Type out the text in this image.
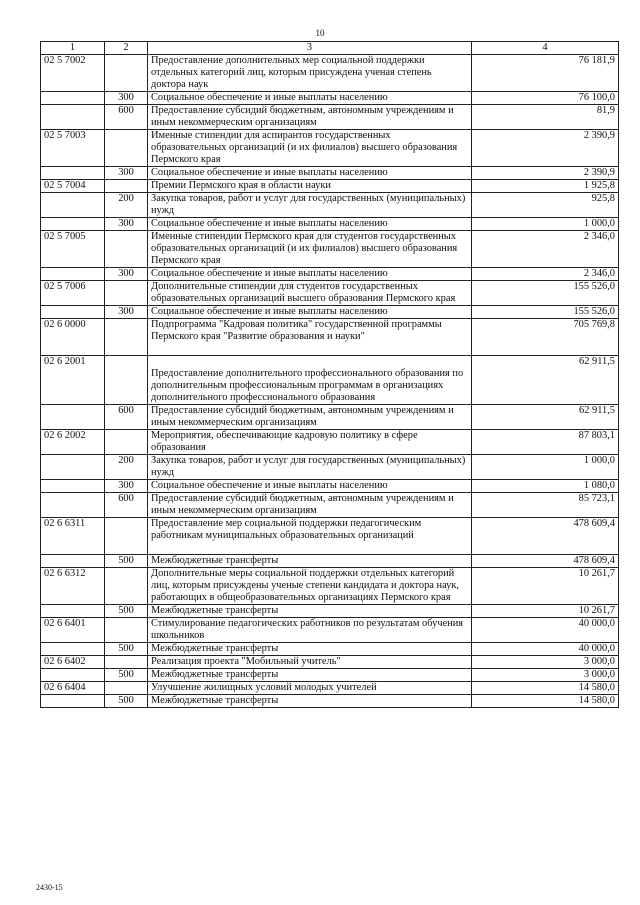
10
1	2	3	4
02 5 7002		Предоставление дополнительных мер социальной поддержки отдельных категорий лиц, которым присуждена ученая степень доктора наук	76 181,9
	300	Социальное обеспечение и иные выплаты населению	76 100,0
	600	Предоставление субсидий бюджетным, автономным учреждениям и иным некоммерческим организациям	81,9
02 5 7003		Именные стипендии для аспирантов государственных образовательных организаций (и их филиалов) высшего образования Пермского края	2 390,9
	300	Социальное обеспечение и иные выплаты населению	2 390,9
02 5 7004		Премии Пермского края в области науки	1 925,8
	200	Закупка товаров, работ и услуг для государственных (муниципальных) нужд	925,8
	300	Социальное обеспечение и иные выплаты населению	1 000,0
02 5 7005		Именные стипендии Пермского края для студентов государственных образовательных организаций (и их филиалов) высшего образования Пермского края	2 346,0
	300	Социальное обеспечение и иные выплаты населению	2 346,0
02 5 7006		Дополнительные стипендии для студентов государственных образовательных организаций высшего образования Пермского края	155 526,0
	300	Социальное обеспечение и иные выплаты населению	155 526,0
02 6 0000		Подпрограмма "Кадровая политика" государственной программы Пермского края "Развитие образования и науки"	705 769,8
02 6 2001		Предоставление дополнительного профессионального образования по дополнительным профессиональным программам в организациях дополнительного профессионального образования	62 911,5
	600	Предоставление субсидий бюджетным, автономным учреждениям и иным некоммерческим организациям	62 911,5
02 6 2002		Мероприятия, обеспечивающие кадровую политику в сфере образования	87 803,1
	200	Закупка товаров, работ и услуг для государственных (муниципальных) нужд	1 000,0
	300	Социальное обеспечение и иные выплаты населению	1 080,0
	600	Предоставление субсидий бюджетным, автономным учреждениям и иным некоммерческим организациям	85 723,1
02 6 6311		Предоставление мер социальной поддержки педагогическим работникам муниципальных образовательных организаций	478 609,4
	500	Межбюджетные трансферты	478 609,4
02 6 6312		Дополнительные меры социальной поддержки отдельных категорий лиц, которым присуждены ученые степени кандидата и доктора наук, работающих в общеобразовательных организациях Пермского края	10 261,7
	500	Межбюджетные трансферты	10 261,7
02 6 6401		Стимулирование педагогических работников по результатам обучения школьников	40 000,0
	500	Межбюджетные трансферты	40 000,0
02 6 6402		Реализация проекта "Мобильный учитель"	3 000,0
	500	Межбюджетные трансферты	3 000,0
02 6 6404		Улучшение жилищных условий молодых учителей	14 580,0
	500	Межбюджетные трансферты	14 580,0
2430-15
